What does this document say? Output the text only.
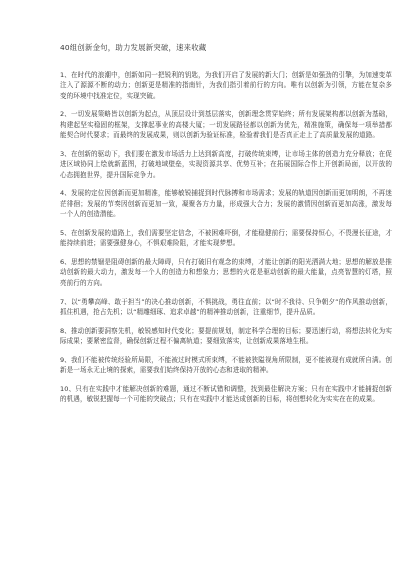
40组创新金句，助力发展新突破，速来收藏
1、在时代的浪潮中，创新如同一把锐利的钥匙，为我们开启了发展的新大门；创新是如强劲的引擎，为加速变革注入了源源不断的动力；创新更是精准的指南针，为我们指引着前行的方向。唯有以创新为引领，方能在复杂多变的环境中找准定位，实现突破。
2、一切发展策略皆以创新为起点，从顶层设计到基层落实，创新理念贯穿始终；所有发展架构都以创新为基础，构建起坚实稳固的框架，支撑起事业的高楼大厦；一切发展路径都以创新为优先，精准施策，确保每一项举措都能契合时代要求；而最终的发展成果，则以创新为验证标准，检验着我们是否真正走上了高质量发展的道路。
3、在创新的驱动下，我们要在激发市场活力上达到新高度，打破传统束缚，让市场主体的创造力充分释放；在促进区域协同上绘就新蓝图，打破地域壁垒，实现资源共享、优势互补；在拓展国际合作上开创新局面，以开放的心态拥抱世界，提升国际竞争力。
4、发展的定位因创新而更加精准，能够敏锐捕捉到时代脉搏和市场需求；发展的轨道因创新而更加明朗，不再迷茫徘徊；发展的节奏因创新而更加一致，凝聚各方力量，形成强大合力；发展的激情因创新而更加高涨，激发每一个人的创造潜能。
5、在创新发展的道路上，我们需要坚定信念，不被困难吓倒，才能稳健前行；需要保持恒心，不畏漫长征途，才能持续前进；需要强健身心，不惧艰难险阻，才能实现梦想。
6、思想的禁锢是阻碍创新的最大障碍，只有打破旧有观念的束缚，才能让创新的阳光洒满大地；思想的解放是推动创新的最大动力，激发每一个人的创造力和想象力；思想的火花是驱动创新的最大能量，点亮智慧的灯塔，照亮前行的方向。
7、以“勇攀高峰、敢于担当”的决心推动创新，不惧挑战，勇往直前；以“时不我待、只争朝夕”的作风推动创新，抓住机遇，抢占先机；以“精雕细琢、追求卓越”的精神推动创新，注重细节，提升品质。
8、推动创新要洞察先机，敏锐感知时代变化；要提前规划，制定科学合理的目标；要迅速行动，将想法转化为实际成果；要紧密监督，确保创新过程不偏离轨道；要细致落实，让创新成果落地生根。
9、我们不能被传统经验所局限，不能被过时模式所束缚，不能被狭隘视角所限制，更不能被现有成就所自满。创新是一场永无止境的探索，需要我们始终保持开放的心态和进取的精神。
10、只有在实践中才能解决创新的难题，通过不断试错和调整，找到最佳解决方案；只有在实践中才能捕捉创新的机遇，敏锐把握每一个可能的突破点；只有在实践中才能达成创新的目标，将创想转化为实实在在的成果。
